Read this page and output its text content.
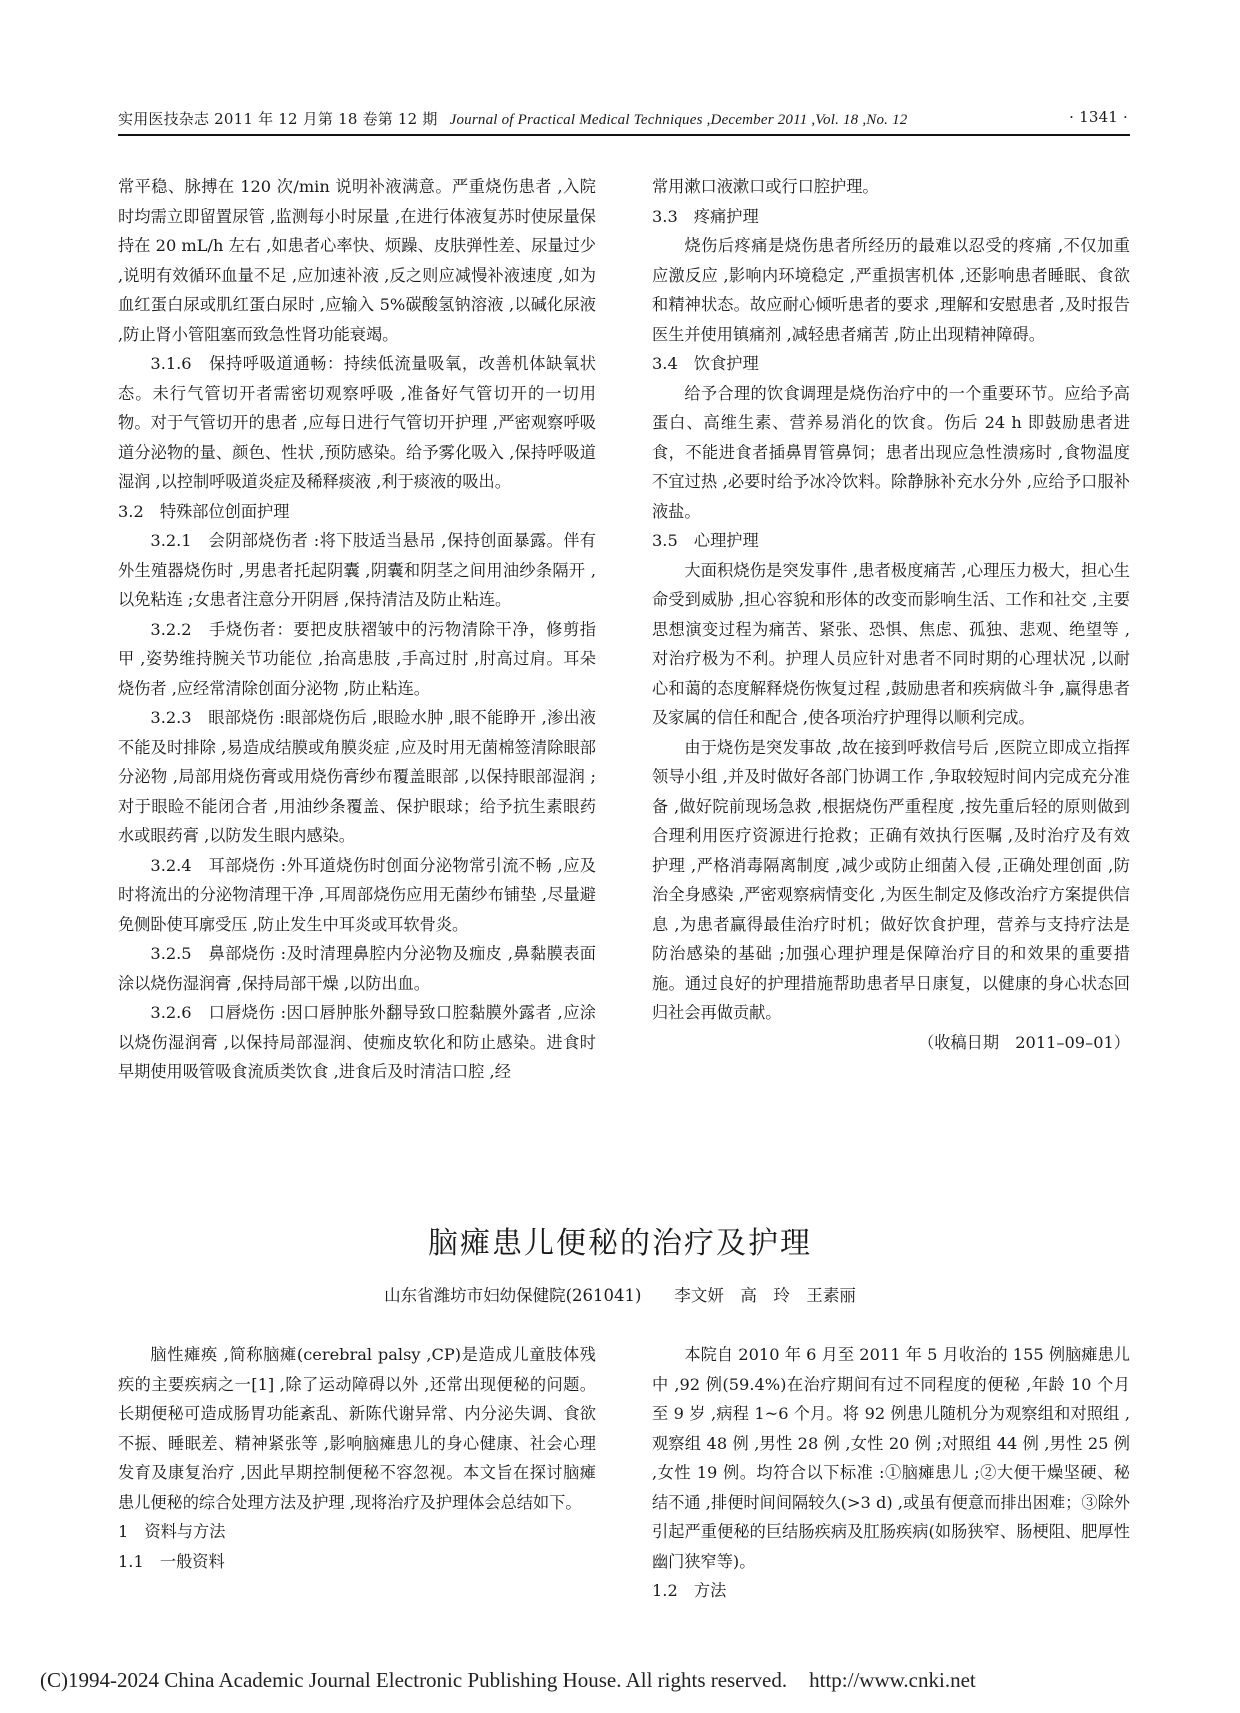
实用医技杂志 2011 年 12 月第 18 卷第 12 期 Journal of Practical Medical Techniques ,December 2011 ,Vol. 18 ,No. 12	· 1341 ·

常平稳、脉搏在 120 次/min 说明补液满意。严重烧伤患者 ,入院时均需立即留置尿管 ,监测每小时尿量 ,在进行体液复苏时使尿量保持在 20 mL/h 左右 ,如患者心率快、烦躁、皮肤弹性差、尿量过少 ,说明有效循环血量不足 ,应加速补液 ,反之则应减慢补液速度 ,如为血红蛋白尿或肌红蛋白尿时 ,应输入 5%碳酸氢钠溶液 ,以碱化尿液 ,防止肾小管阻塞而致急性肾功能衰竭。

3.1.6　保持呼吸道通畅：持续低流量吸氧，改善机体缺氧状态。未行气管切开者需密切观察呼吸 ,准备好气管切开的一切用物。对于气管切开的患者 ,应每日进行气管切开护理 ,严密观察呼吸道分泌物的量、颜色、性状 ,预防感染。给予雾化吸入 ,保持呼吸道湿润 ,以控制呼吸道炎症及稀释痰液 ,利于痰液的吸出。

3.2　特殊部位创面护理

3.2.1　会阴部烧伤者 :将下肢适当悬吊 ,保持创面暴露。伴有外生殖器烧伤时 ,男患者托起阴囊 ,阴囊和阴茎之间用油纱条隔开 ,以免粘连 ;女患者注意分开阴唇 ,保持清洁及防止粘连。

3.2.2　手烧伤者：要把皮肤褶皱中的污物清除干净，修剪指甲 ,姿势维持腕关节功能位 ,抬高患肢 ,手高过肘 ,肘高过肩。耳朵烧伤者 ,应经常清除创面分泌物 ,防止粘连。

3.2.3　眼部烧伤 :眼部烧伤后 ,眼睑水肿 ,眼不能睁开 ,渗出液不能及时排除 ,易造成结膜或角膜炎症 ,应及时用无菌棉签清除眼部分泌物 ,局部用烧伤膏或用烧伤膏纱布覆盖眼部 ,以保持眼部湿润 ;对于眼睑不能闭合者 ,用油纱条覆盖、保护眼球；给予抗生素眼药水或眼药膏 ,以防发生眼内感染。

3.2.4　耳部烧伤 :外耳道烧伤时创面分泌物常引流不畅 ,应及时将流出的分泌物清理干净 ,耳周部烧伤应用无菌纱布铺垫 ,尽量避免侧卧使耳廓受压 ,防止发生中耳炎或耳软骨炎。

3.2.5　鼻部烧伤 :及时清理鼻腔内分泌物及痂皮 ,鼻黏膜表面涂以烧伤湿润膏 ,保持局部干燥 ,以防出血。

3.2.6　口唇烧伤 :因口唇肿胀外翻导致口腔黏膜外露者 ,应涂以烧伤湿润膏 ,以保持局部湿润、使痂皮软化和防止感染。进食时早期使用吸管吸食流质类饮食 ,进食后及时清洁口腔 ,经

常用漱口液漱口或行口腔护理。

3.3　疼痛护理

烧伤后疼痛是烧伤患者所经历的最难以忍受的疼痛 ,不仅加重应激反应 ,影响内环境稳定 ,严重损害机体 ,还影响患者睡眠、食欲和精神状态。故应耐心倾听患者的要求 ,理解和安慰患者 ,及时报告医生并使用镇痛剂 ,减轻患者痛苦 ,防止出现精神障碍。

3.4　饮食护理

给予合理的饮食调理是烧伤治疗中的一个重要环节。应给予高蛋白、高维生素、营养易消化的饮食。伤后 24 h 即鼓励患者进食，不能进食者插鼻胃管鼻饲；患者出现应急性溃疡时 ,食物温度不宜过热 ,必要时给予冰冷饮料。除静脉补充水分外 ,应给予口服补液盐。

3.5　心理护理

大面积烧伤是突发事件 ,患者极度痛苦 ,心理压力极大，担心生命受到威胁 ,担心容貌和形体的改变而影响生活、工作和社交 ,主要思想演变过程为痛苦、紧张、恐惧、焦虑、孤独、悲观、绝望等 ,对治疗极为不利。护理人员应针对患者不同时期的心理状况 ,以耐心和蔼的态度解释烧伤恢复过程 ,鼓励患者和疾病做斗争 ,赢得患者及家属的信任和配合 ,使各项治疗护理得以顺利完成。

由于烧伤是突发事故 ,故在接到呼救信号后 ,医院立即成立指挥领导小组 ,并及时做好各部门协调工作 ,争取较短时间内完成充分准备 ,做好院前现场急救 ,根据烧伤严重程度 ,按先重后轻的原则做到合理利用医疗资源进行抢救；正确有效执行医嘱 ,及时治疗及有效护理 ,严格消毒隔离制度 ,减少或防止细菌入侵 ,正确处理创面 ,防治全身感染 ,严密观察病情变化 ,为医生制定及修改治疗方案提供信息 ,为患者赢得最佳治疗时机；做好饮食护理，营养与支持疗法是防治感染的基础 ;加强心理护理是保障治疗目的和效果的重要措施。通过良好的护理措施帮助患者早日康复，以健康的身心状态回归社会再做贡献。

（收稿日期　2011–09–01）

脑瘫患儿便秘的治疗及护理
山东省潍坊市妇幼保健院(261041)　　李文妍　高　玲　王素丽

脑性瘫痪 ,简称脑瘫(cerebral palsy ,CP)是造成儿童肢体残疾的主要疾病之一[1] ,除了运动障碍以外 ,还常出现便秘的问题。长期便秘可造成肠胃功能紊乱、新陈代谢异常、内分泌失调、食欲不振、睡眠差、精神紧张等 ,影响脑瘫患儿的身心健康、社会心理发育及康复治疗 ,因此早期控制便秘不容忽视。本文旨在探讨脑瘫患儿便秘的综合处理方法及护理 ,现将治疗及护理体会总结如下。

1　资料与方法

1.1　一般资料

本院自 2010 年 6 月至 2011 年 5 月收治的 155 例脑瘫患儿中 ,92 例(59.4%)在治疗期间有过不同程度的便秘 ,年龄 10 个月至 9 岁 ,病程 1~6 个月。将 92 例患儿随机分为观察组和对照组 ,观察组 48 例 ,男性 28 例 ,女性 20 例 ;对照组 44 例 ,男性 25 例 ,女性 19 例。均符合以下标准 :①脑瘫患儿 ;②大便干燥坚硬、秘结不通 ,排便时间间隔较久(>3 d) ,或虽有便意而排出困难；③除外引起严重便秘的巨结肠疾病及肛肠疾病(如肠狭窄、肠梗阻、肥厚性幽门狭窄等)。

1.2　方法

(C)1994-2024 China Academic Journal Electronic Publishing House. All rights reserved. http://www.cnki.net
